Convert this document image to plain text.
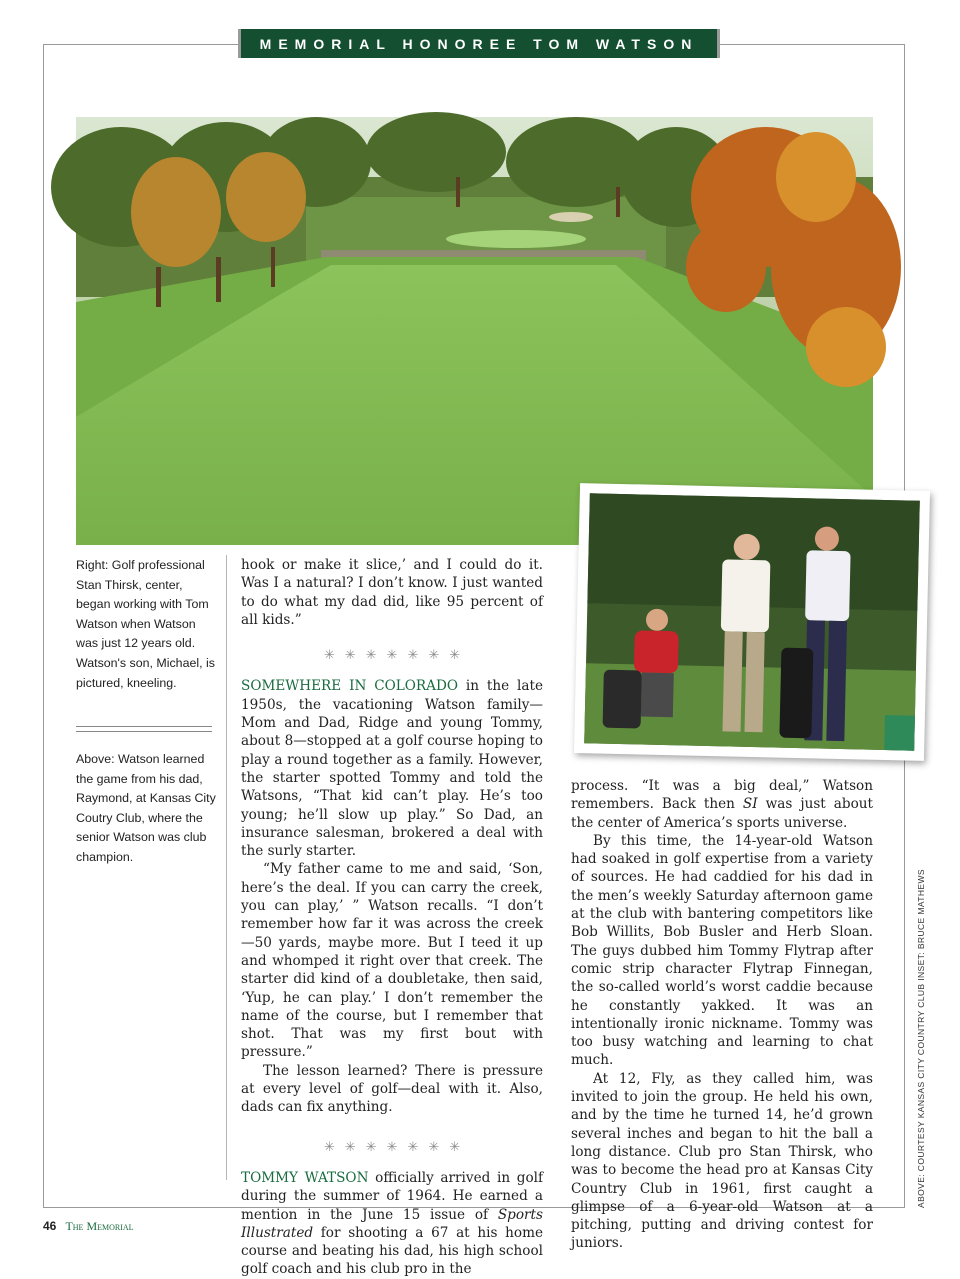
MEMORIAL HONOREE TOM WATSON
Right: Golf professional Stan Thirsk, center, began working with Tom Watson when Watson was just 12 years old. Watson's son, Michael, is pictured, kneeling.
Above: Watson learned the game from his dad, Raymond, at Kansas City Coutry Club, where the senior Watson was club champion.

hook or make it slice,’ and I could do it. Was I a natural? I don’t know. I just wanted to do what my dad did, like 95 percent of all kids.”

✳✳✳✳✳✳✳

SOMEWHERE IN COLORADO in the late 1950s, the vacationing Watson family—Mom and Dad, Ridge and young Tommy, about 8—stopped at a golf course hoping to play a round together as a family. However, the starter spotted Tommy and told the Watsons, “That kid can’t play. He’s too young; he’ll slow up play.” So Dad, an insurance salesman, brokered a deal with the surly starter.

“My father came to me and said, ‘Son, here’s the deal. If you can carry the creek, you can play,’ ” Watson recalls. “I don’t remember how far it was across the creek—50 yards, maybe more. But I teed it up and whomped it right over that creek. The starter did kind of a doubletake, then said, ‘Yup, he can play.’ I don’t remember the name of the course, but I remember that shot. That was my first bout with pressure.”

The lesson learned? There is pressure at every level of golf—deal with it. Also, dads can fix anything.

✳✳✳✳✳✳✳

TOMMY WATSON officially arrived in golf during the summer of 1964. He earned a mention in the June 15 issue of Sports Illustrated for shooting a 67 at his home course and beating his dad, his high school golf coach and his club pro in the

process. “It was a big deal,” Watson remembers. Back then SI was just about the center of America’s sports universe.

By this time, the 14-year-old Watson had soaked in golf expertise from a variety of sources. He had caddied for his dad in the men’s weekly Saturday afternoon game at the club with bantering competitors like Bob Willits, Bob Busler and Herb Sloan. The guys dubbed him Tommy Flytrap after comic strip character Flytrap Finnegan, the so-called world’s worst caddie because he constantly yakked. It was an intentionally ironic nickname. Tommy was too busy watching and learning to chat much.

At 12, Fly, as they called him, was invited to join the group. He held his own, and by the time he turned 14, he’d grown several inches and began to hit the ball a long distance. Club pro Stan Thirsk, who was to become the head pro at Kansas City Country Club in 1961, first caught a glimpse of a 6-year-old Watson at a pitching, putting and driving contest for juniors.

ABOVE: COURTESY KANSAS CITY COUNTRY CLUB INSET: BRUCE MATHEWS
46 The Memorial
